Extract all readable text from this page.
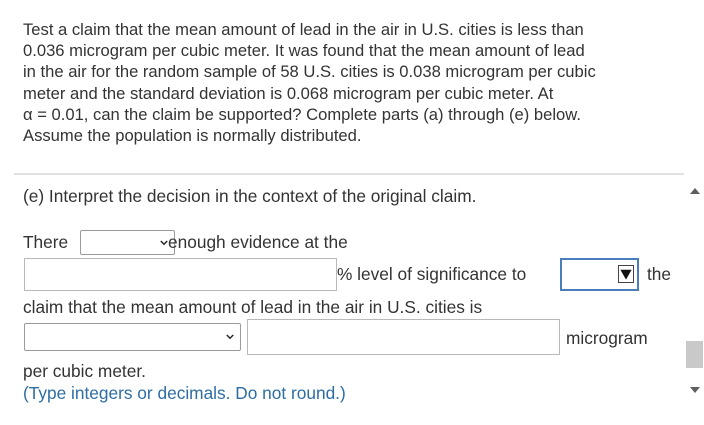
Test a claim that the mean amount of lead in the air in U.S. cities is less than

0.036 microgram per cubic meter. It was found that the mean amount of lead

in the air for the random sample of 58 U.S. cities is 0.038 microgram per cubic

meter and the standard deviation is 0.068 microgram per cubic meter. At

α = 0.01, can the claim be supported? Complete parts (a) through (e) below.

Assume the population is normally distributed.

(e) Interpret the decision in the context of the original claim.
There	enough evidence at the
% level of significance to	the
claim that the mean amount of lead in the air in U.S. cities is
microgram
per cubic meter.
(Type integers or decimals. Do not round.)
